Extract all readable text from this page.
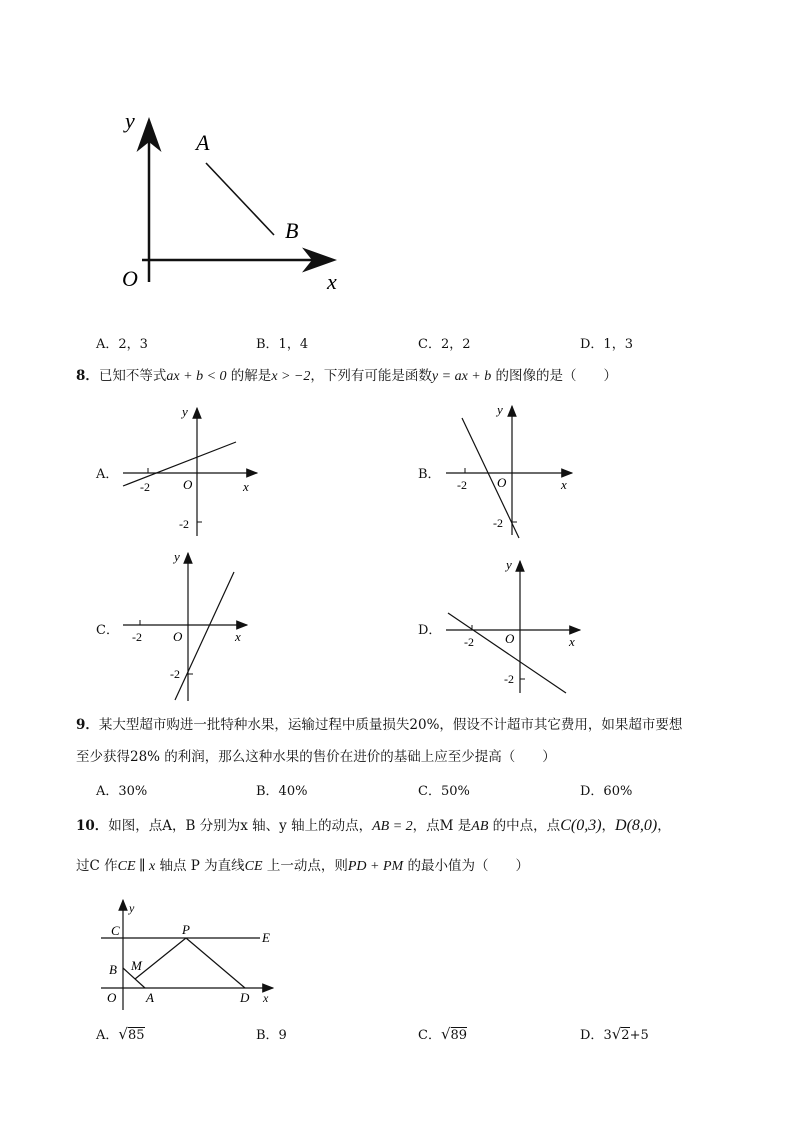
y
x
O
A
B
A．2，3	B．1，4	C．2，2	D．1，3
8．已知不等式ax + b < 0 的解是x > −2，下列有可能是函数y = ax + b 的图像的是（　　）
A．	B．
C．	D．
y
x
O
-2
-2
y
x
O
-2
-2
y
x
O
-2
-2
y
x
O
-2
-2
9．某大型超市购进一批特种水果，运输过程中质量损失20%，假设不计超市其它费用，如果超市要想
至少获得28% 的利润，那么这种水果的售价在进价的基础上应至少提高（　　）
A．30%	B．40%	C．50%	D．60%
10．如图，点A，B 分别为x 轴、y 轴上的动点，AB = 2，点M 是AB 的中点，点C(0,3)，D(8,0)，
过C 作CE ∥ x 轴点 P 为直线CE 上一动点，则PD + PM 的最小值为（　　）
y
x
C	P
E
B M
O A	D
A．√85	B．9	C．√89	D．3√2+5
